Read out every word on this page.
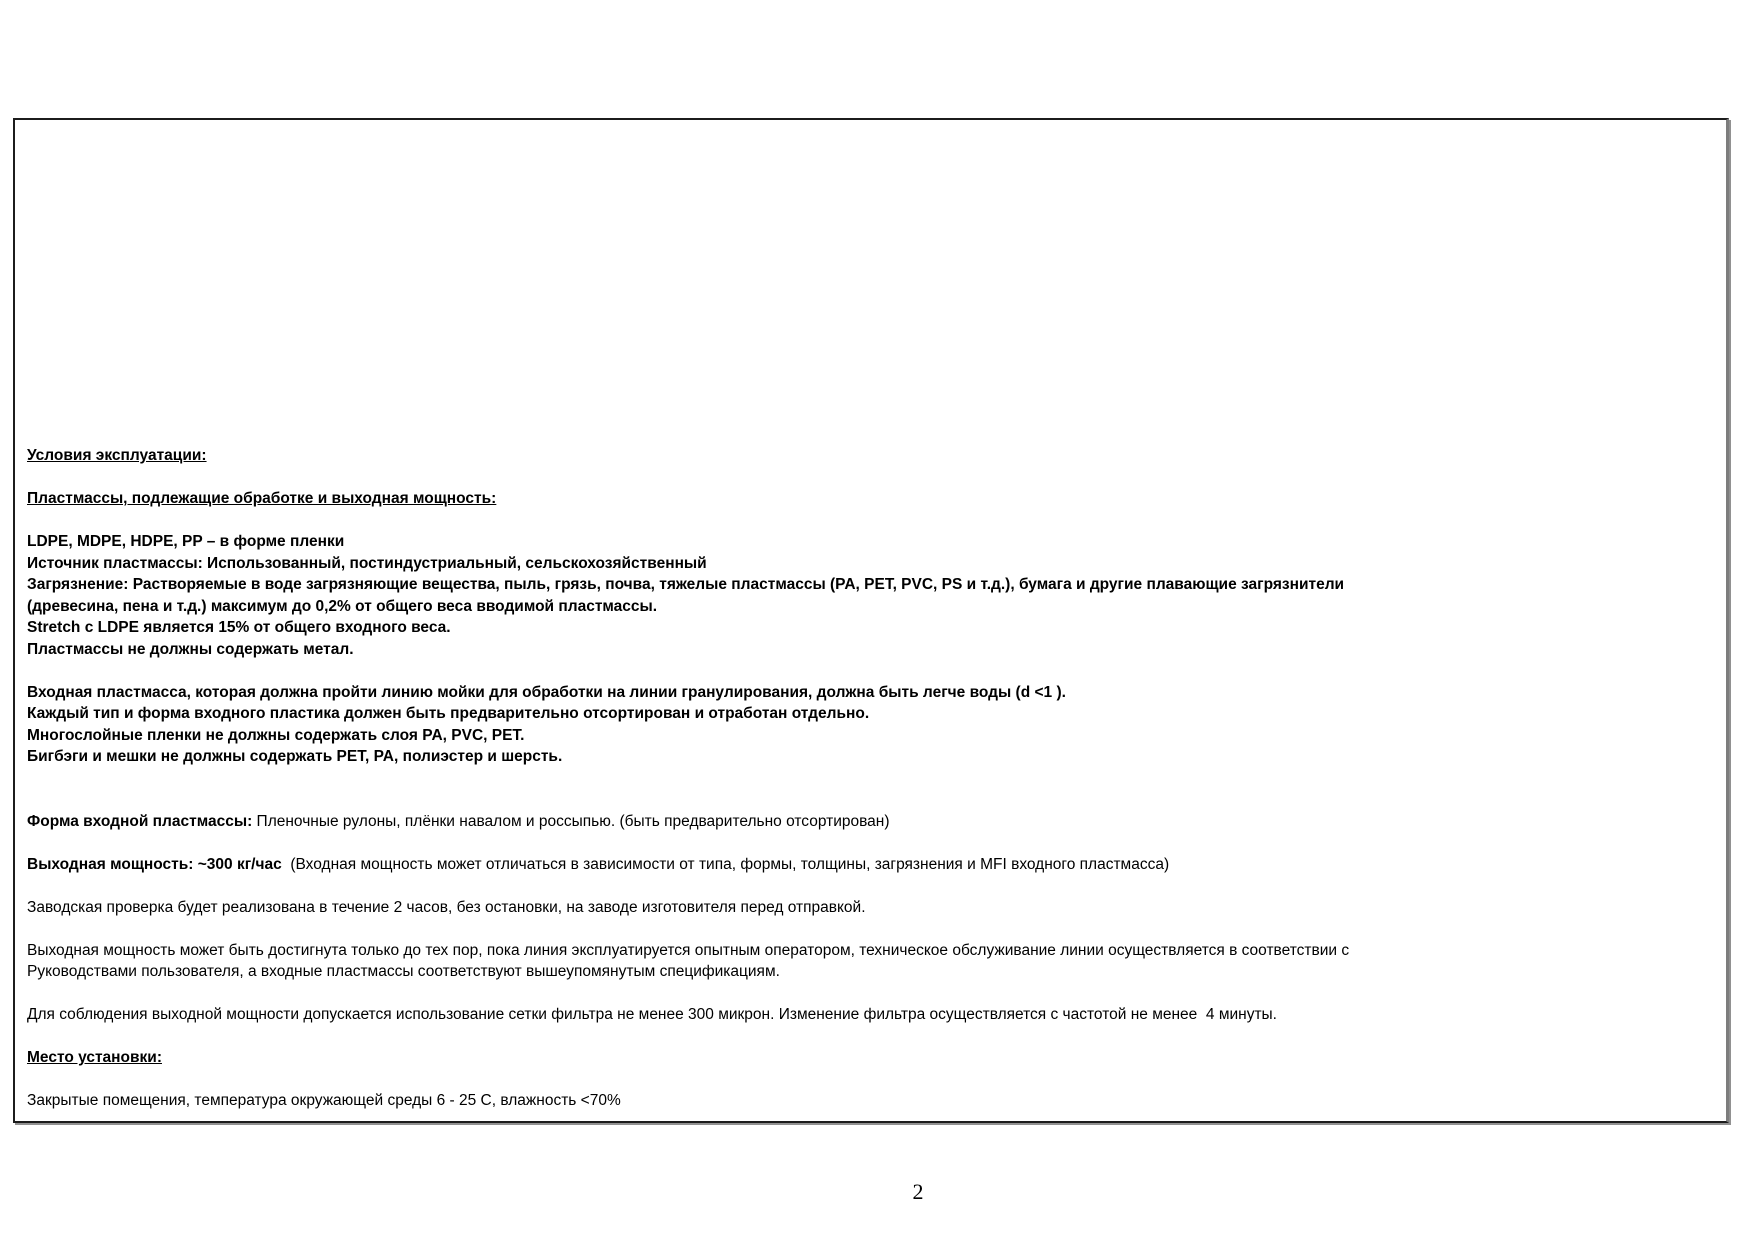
Условия эксплуатации:
Пластмассы, подлежащие обработке и выходная мощность:
LDPE, MDPE, HDPE, PP – в форме пленки
Источник пластмассы: Использованный, постиндустриальный, сельскохозяйственный
Загрязнение: Растворяемые в воде загрязняющие вещества, пыль, грязь, почва, тяжелые пластмассы (PA, PET, PVC, PS и т.д.), бумага и другие плавающие загрязнители
(древесина, пена и т.д.) максимум до 0,2% от общего веса вводимой пластмассы.
Stretch с LDPE является 15% от общего входного веса.
Пластмассы не должны содержать метал.
Входная пластмасса, которая должна пройти линию мойки для обработки на линии гранулирования, должна быть легче воды (d <1 ).
Каждый тип и форма входного пластика должен быть предварительно отсортирован и отработан отдельно.
Многослойные пленки не должны содержать слоя PA, PVC, PET.
Бигбэги и мешки не должны содержать PET, PA, полиэстер и шерсть.
Форма входной пластмассы: Пленочные рулоны, плёнки навалом и россыпью. (быть предварительно отсортирован)
Выходная мощность: ~300 кг/час  (Входная мощность может отличаться в зависимости от типа, формы, толщины, загрязнения и MFI входного пластмасса)
Заводская проверка будет реализована в течение 2 часов, без остановки, на заводе изготовителя перед отправкой.
Выходная мощность может быть достигнута только до тех пор, пока линия эксплуатируется опытным оператором, техническое обслуживание линии осуществляется в соответствии с
Руководствами пользователя, а входные пластмассы соответствуют вышеупомянутым спецификациям.
Для соблюдения выходной мощности допускается использование сетки фильтра не менее 300 микрон. Изменение фильтра осуществляется с частотой не менее  4 минуты.
Место установки:
Закрытые помещения, температура окружающей среды 6 - 25 С, влажность <70%
2
